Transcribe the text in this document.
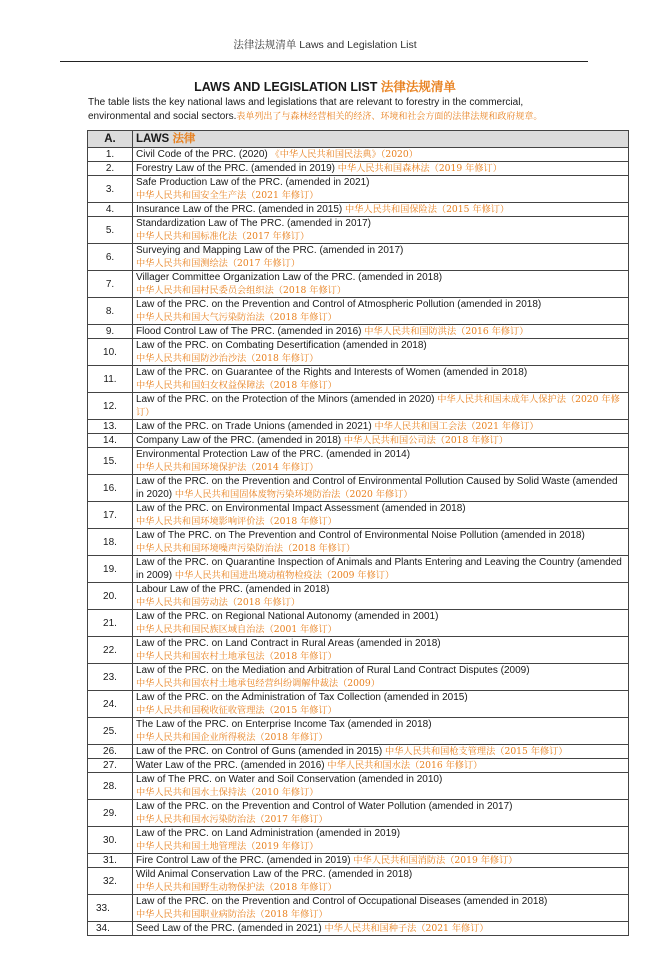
法律法规清单 Laws and Legislation List
LAWS AND LEGISLATION LIST 法律法规清单
The table lists the key national laws and legislations that are relevant to forestry in the commercial, environmental and social sectors.表单列出了与森林经营相关的经济、环境和社会方面的法律法规和政府规章。
A.	LAWS 法律
1.	Civil Code of the PRC. (2020) 《中华人民共和国民法典》（2020）
2.	Forestry Law of the PRC. (amended in 2019) 中华人民共和国森林法（2019 年修订）
3.	Safe Production Law of the PRC. (amended in 2021)
中华人民共和国安全生产法（2021 年修订）
4.	Insurance Law of the PRC. (amended in 2015) 中华人民共和国保险法（2015 年修订）
5.	Standardization Law of The PRC. (amended in 2017)
中华人民共和国标准化法（2017 年修订）
6.	Surveying and Mapping Law of the PRC. (amended in 2017)
中华人民共和国测绘法（2017 年修订）
7.	Villager Committee Organization Law of the PRC. (amended in 2018)
中华人民共和国村民委员会组织法（2018 年修订）
8.	Law of the PRC. on the Prevention and Control of Atmospheric Pollution (amended in 2018)
中华人民共和国大气污染防治法（2018 年修订）
9.	Flood Control Law of The PRC. (amended in 2016) 中华人民共和国防洪法（2016 年修订）
10.	Law of the PRC. on Combating Desertification (amended in 2018)
中华人民共和国防沙治沙法（2018 年修订）
11.	Law of the PRC. on Guarantee of the Rights and Interests of Women (amended in 2018)
中华人民共和国妇女权益保障法（2018 年修订）
12.	Law of the PRC. on the Protection of the Minors (amended in 2020) 中华人民共和国未成年人保护法（2020 年修订）
13.	Law of the PRC. on Trade Unions (amended in 2021) 中华人民共和国工会法（2021 年修订）
14.	Company Law of the PRC. (amended in 2018) 中华人民共和国公司法（2018 年修订）
15.	Environmental Protection Law of the PRC. (amended in 2014)
中华人民共和国环境保护法（2014 年修订）
16.	Law of the PRC. on the Prevention and Control of Environmental Pollution Caused by Solid Waste (amended in 2020) 中华人民共和国固体废物污染环境防治法（2020 年修订）
17.	Law of the PRC. on Environmental Impact Assessment (amended in 2018)
中华人民共和国环境影响评价法（2018 年修订）
18.	Law of The PRC. on The Prevention and Control of Environmental Noise Pollution (amended in 2018)
中华人民共和国环境噪声污染防治法（2018 年修订）
19.	Law of the PRC. on Quarantine Inspection of Animals and Plants Entering and Leaving the Country (amended in 2009) 中华人民共和国进出境动植物检疫法（2009 年修订）
20.	Labour Law of the PRC. (amended in 2018)
中华人民共和国劳动法（2018 年修订）
21.	Law of the PRC. on Regional National Autonomy (amended in 2001)
中华人民共和国民族区域自治法（2001 年修订）
22.	Law of the PRC. on Land Contract in Rural Areas (amended in 2018)
中华人民共和国农村土地承包法（2018 年修订）
23.	Law of the PRC. on the Mediation and Arbitration of Rural Land Contract Disputes (2009)
中华人民共和国农村土地承包经营纠纷调解仲裁法（2009）
24.	Law of the PRC. on the Administration of Tax Collection (amended in 2015)
中华人民共和国税收征收管理法（2015 年修订）
25.	The Law of the PRC. on Enterprise Income Tax (amended in 2018)
中华人民共和国企业所得税法（2018 年修订）
26.	Law of the PRC. on Control of Guns (amended in 2015) 中华人民共和国枪支管理法（2015 年修订）
27.	Water Law of the PRC. (amended in 2016) 中华人民共和国水法（2016 年修订）
28.	Law of The PRC. on Water and Soil Conservation (amended in 2010)
中华人民共和国水土保持法（2010 年修订）
29.	Law of the PRC. on the Prevention and Control of Water Pollution (amended in 2017)
中华人民共和国水污染防治法（2017 年修订）
30.	Law of the PRC. on Land Administration (amended in 2019)
中华人民共和国土地管理法（2019 年修订）
31.	Fire Control Law of the PRC. (amended in 2019) 中华人民共和国消防法（2019 年修订）
32.	Wild Animal Conservation Law of the PRC. (amended in 2018)
中华人民共和国野生动物保护法（2018 年修订）
33.	Law of the PRC. on the Prevention and Control of Occupational Diseases (amended in 2018)
中华人民共和国职业病防治法（2018 年修订）
34.	Seed Law of the PRC. (amended in 2021) 中华人民共和国种子法（2021 年修订）
